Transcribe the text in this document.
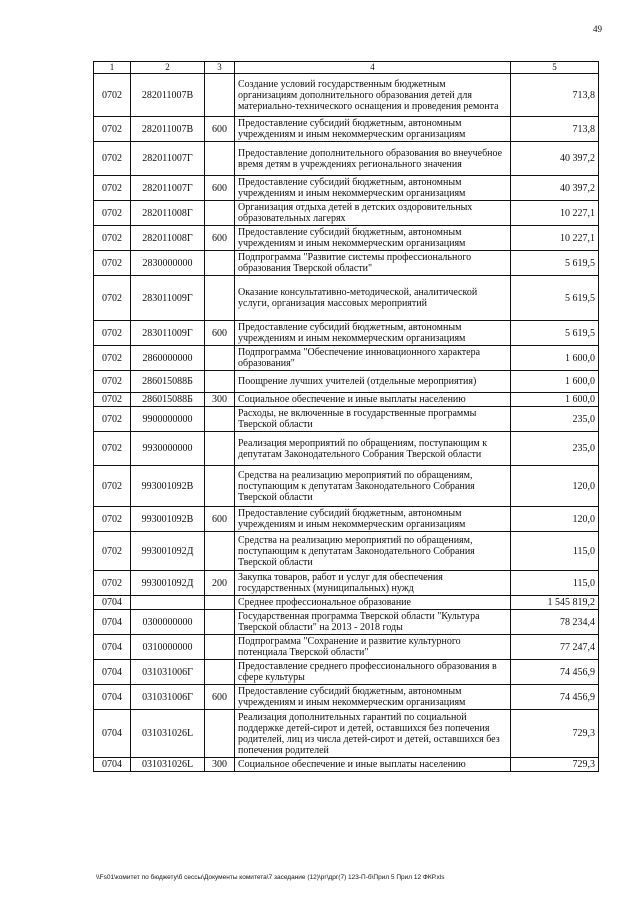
49
1	2	3	4	5
0702	282011007В		Создание условий государственным бюджетным организациям дополнительного образования детей для материально-технического оснащения и проведения ремонта	713,8
0702	282011007В	600	Предоставление субсидий бюджетным, автономным учреждениям и иным некоммерческим организациям	713,8
0702	282011007Г		Предоставление дополнительного образования во внеучебное время детям в учреждениях регионального значения	40 397,2
0702	282011007Г	600	Предоставление субсидий бюджетным, автономным учреждениям и иным некоммерческим организациям	40 397,2
0702	282011008Г		Организация отдыха детей в детских оздоровительных образовательных лагерях	10 227,1
0702	282011008Г	600	Предоставление субсидий бюджетным, автономным учреждениям и иным некоммерческим организациям	10 227,1
0702	2830000000		Подпрограмма "Развитие системы профессионального образования Тверской области"	5 619,5
0702	283011009Г		Оказание консультативно-методической, аналитической услуги, организация массовых мероприятий	5 619,5
0702	283011009Г	600	Предоставление субсидий бюджетным, автономным учреждениям и иным некоммерческим организациям	5 619,5
0702	2860000000		Подпрограмма "Обеспечение инновационного характера образования"	1 600,0
0702	286015088Б		Поощрение лучших учителей (отдельные мероприятия)	1 600,0
0702	286015088Б	300	Социальное обеспечение и иные выплаты населению	1 600,0
0702	9900000000		Расходы, не включенные в государственные программы Тверской области	235,0
0702	9930000000		Реализация мероприятий по обращениям, поступающим к депутатам Законодательного Собрания Тверской области	235,0
0702	993001092В		Средства на реализацию мероприятий по обращениям, поступающим к депутатам Законодательного Собрания Тверской области	120,0
0702	993001092В	600	Предоставление субсидий бюджетным, автономным учреждениям и иным некоммерческим организациям	120,0
0702	993001092Д		Средства на реализацию мероприятий по обращениям, поступающим к депутатам Законодательного Собрания Тверской области	115,0
0702	993001092Д	200	Закупка товаров, работ и услуг для обеспечения государственных (муниципальных) нужд	115,0
0704			Среднее профессиональное образование	1 545 819,2
0704	0300000000		Государственная программа Тверской области "Культура Тверской области" на 2013 - 2018 годы	78 234,4
0704	0310000000		Подпрограмма "Сохранение и развитие культурного потенциала Тверской области"	77 247,4
0704	031031006Г		Предоставление среднего профессионального образования в сфере культуры	74 456,9
0704	031031006Г	600	Предоставление субсидий бюджетным, автономным учреждениям и иным некоммерческим организациям	74 456,9
0704	031031026L		Реализация дополнительных гарантий по социальной поддержке детей-сирот и детей, оставшихся без попечения родителей, лиц из числа детей-сирот и детей, оставшихся без попечения родителей	729,3
0704	031031026L	300	Социальное обеспечение и иные выплаты населению	729,3
\\Fs01\комитет по бюджету\б сессы\Документы комитета\7 заседание (12)\рг\дрг(7) 123-П-б\Прил 5 Прил 12 ФКР.xls
